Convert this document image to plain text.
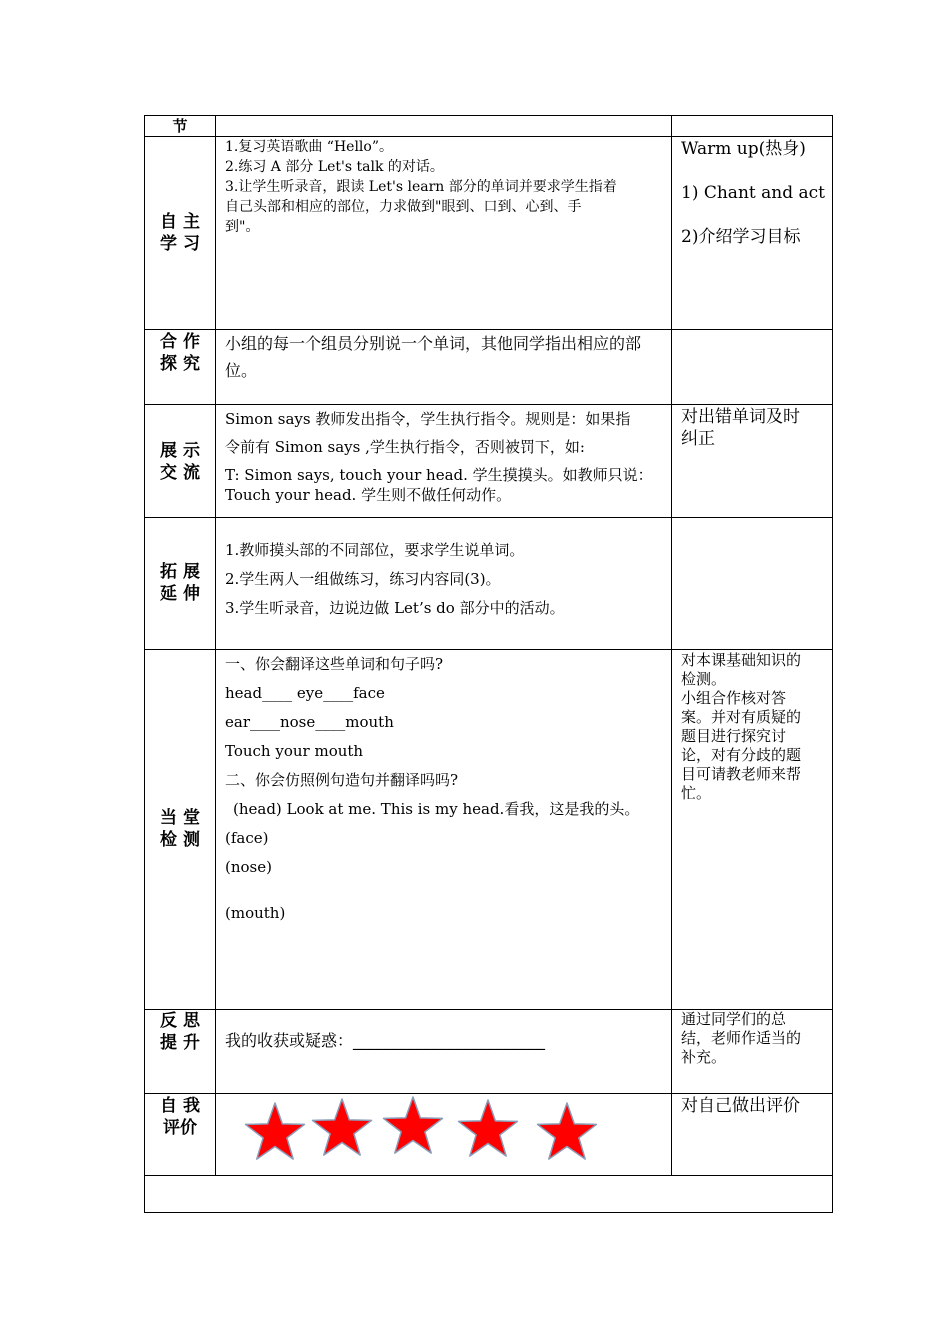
节
自 主
学 习
1.复习英语歌曲 “Hello”。
2.练习 A 部分 Let's talk 的对话。
3.让学生听录音，跟读 Let's learn 部分的单词并要求学生指着
自己头部和相应的部位，力求做到"眼到、口到、心到、手
到"。
Warm up(热身)
1) Chant and act
2)介绍学习目标
合 作
探 究
小组的每一个组员分别说一个单词，其他同学指出相应的部
位。
展 示
交 流
Simon says 教师发出指令，学生执行指令。规则是：如果指
令前有 Simon says ,学生执行指令，否则被罚下，如:
T: Simon says, touch your head. 学生摸摸头。如教师只说：
Touch your head. 学生则不做任何动作。
对出错单词及时
纠正
拓 展
延 伸
1.教师摸头部的不同部位，要求学生说单词。
2.学生两人一组做练习，练习内容同(3)。
3.学生听录音，边说边做 Let’s do 部分中的活动。
当 堂
检 测
一、你会翻译这些单词和句子吗?
head____ eye____face
ear____nose____mouth
Touch your mouth
二、你会仿照例句造句并翻译吗吗?
(head) Look at me. This is my head.看我，这是我的头。
(face)
(nose)
(mouth)
对本课基础知识的
检测。
小组合作核对答
案。并对有质疑的
题目进行探究讨
论，对有分歧的题
目可请教老师来帮
忙。
反 思
提 升	我的收获或疑惑：________________________
通过同学们的总
结，老师作适当的
补充。
自 我
评价
对自己做出评价
